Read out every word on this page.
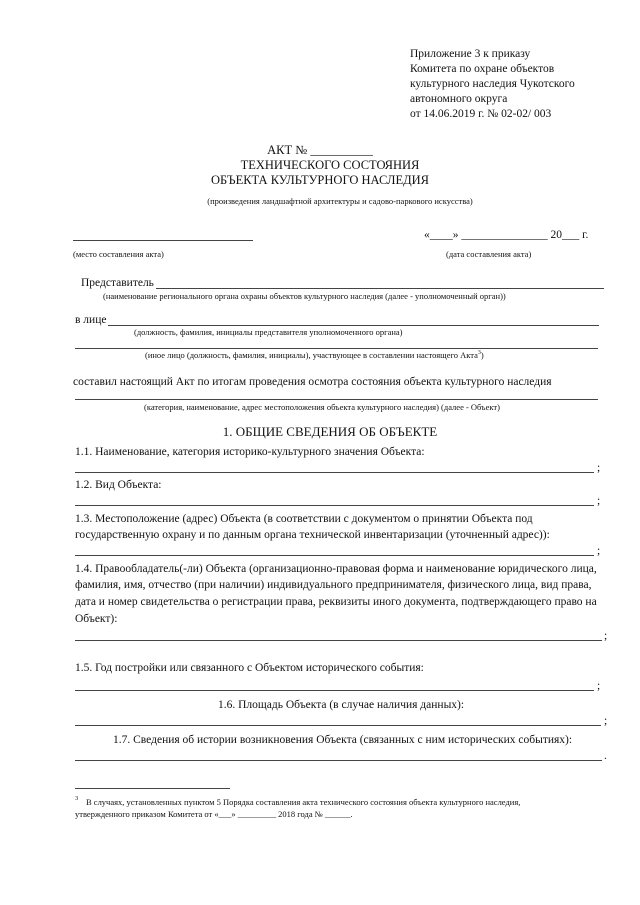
Приложение 3 к приказу
Комитета по охране объектов
культурного наследия Чукотского
автономного округа
от 14.06.2019 г. № 02-02/ 003
АКТ № __________
ТЕХНИЧЕСКОГО СОСТОЯНИЯ
ОБЪЕКТА КУЛЬТУРНОГО НАСЛЕДИЯ
(произведения ландшафтной архитектуры и садово-паркового искусства)
«____» _______________ 20___ г.
(место составления акта)	(дата составления акта)
Представитель
(наименование регионального органа охраны объектов культурного наследия (далее - уполномоченный орган))
в лице
(должность, фамилия, инициалы представителя уполномоченного органа)
(иное лицо (должность, фамилия, инициалы), участвующее в составлении настоящего Акта$^3$)
составил настоящий Акт по итогам проведения осмотра состояния объекта культурного наследия
(категория, наименование, адрес местоположения объекта культурного наследия) (далее - Объект)
1. ОБЩИЕ СВЕДЕНИЯ ОБ ОБЪЕКТЕ
1.1. Наименование, категория историко-культурного значения Объекта:
;
1.2. Вид Объекта:
;
1.3. Местоположение (адрес) Объекта (в соответствии с документом о принятии Объекта под
государственную охрану и по данным органа технической инвентаризации (уточненный адрес)):
;
1.4. Правообладатель(-ли) Объекта (организационно-правовая форма и наименование юридического лица,
фамилия, имя, отчество (при наличии) индивидуального предпринимателя, физического лица, вид права,
дата и номер свидетельства о регистрации права, реквизиты иного документа, подтверждающего право на
Объект):
;
1.5. Год постройки или связанного с Объектом исторического события:
;
1.6. Площадь Объекта (в случае наличия данных):
;
1.7. Сведения об истории возникновения Объекта (связанных с ним исторических событиях):
.
3 В случаях, установленных пунктом 5 Порядка составления акта технического состояния объекта культурного наследия,
утвержденного приказом Комитета от «___» _________ 2018 года № ______.
